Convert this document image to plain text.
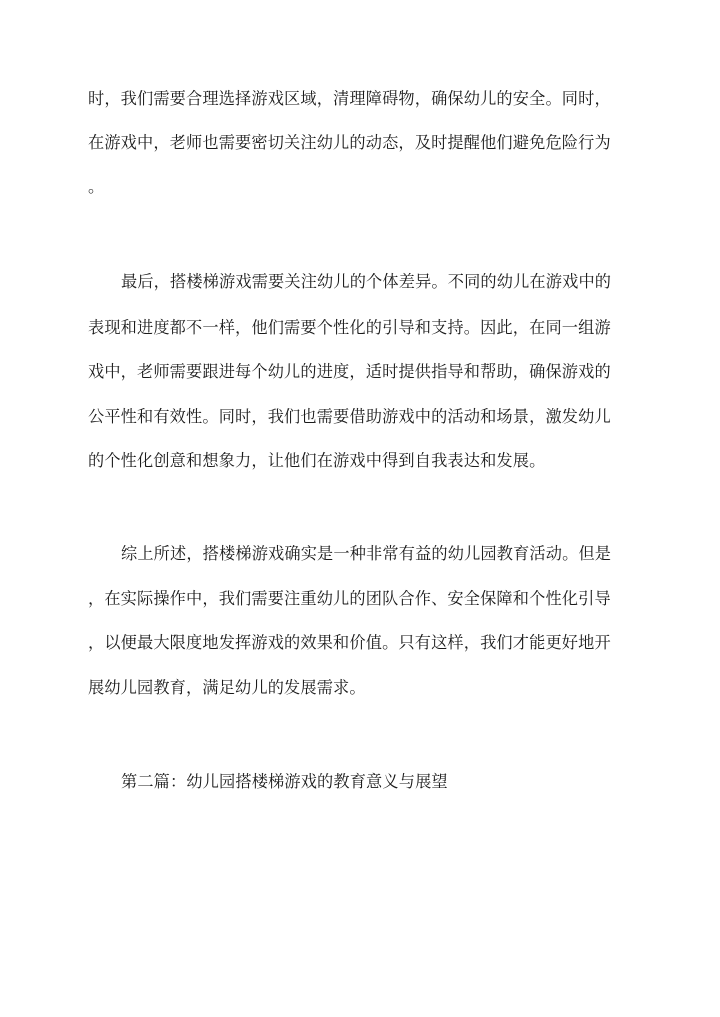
时，我们需要合理选择游戏区域，清理障碍物，确保幼儿的安全。同时，
在游戏中，老师也需要密切关注幼儿的动态，及时提醒他们避免危险行为
。
最后，搭楼梯游戏需要关注幼儿的个体差异。不同的幼儿在游戏中的
表现和进度都不一样，他们需要个性化的引导和支持。因此，在同一组游
戏中，老师需要跟进每个幼儿的进度，适时提供指导和帮助，确保游戏的
公平性和有效性。同时，我们也需要借助游戏中的活动和场景，激发幼儿
的个性化创意和想象力，让他们在游戏中得到自我表达和发展。
综上所述，搭楼梯游戏确实是一种非常有益的幼儿园教育活动。但是
，在实际操作中，我们需要注重幼儿的团队合作、安全保障和个性化引导
，以便最大限度地发挥游戏的效果和价值。只有这样，我们才能更好地开
展幼儿园教育，满足幼儿的发展需求。
第二篇：幼儿园搭楼梯游戏的教育意义与展望
